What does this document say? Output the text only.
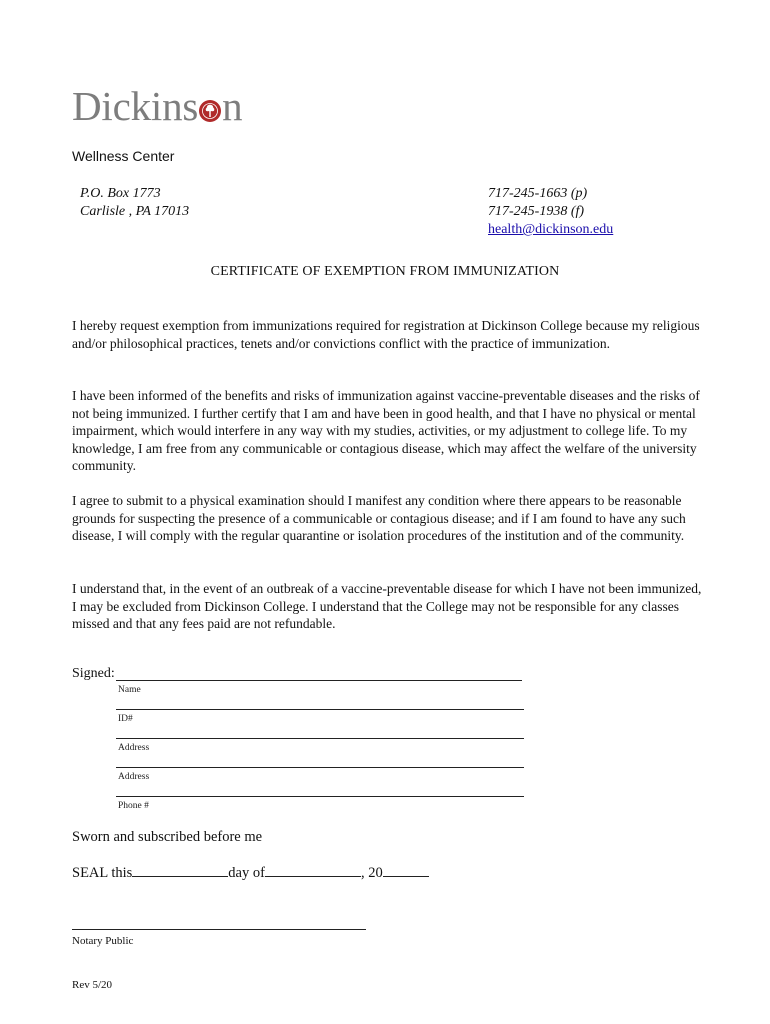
Dickins n
Wellness Center
P.O. Box 1773
Carlisle , PA 17013
717-245-1663 (p)
717-245-1938 (f)
health@dickinson.edu
CERTIFICATE OF EXEMPTION FROM IMMUNIZATION

I hereby request exemption from immunizations required for registration at Dickinson College because my religious and/or philosophical practices, tenets and/or convictions conflict with the practice of immunization.

I have been informed of the benefits and risks of immunization against vaccine-preventable diseases and the risks of not being immunized. I further certify that I am and have been in good health, and that I have no physical or mental impairment, which would interfere in any way with my studies, activities, or my adjustment to college life. To my knowledge, I am free from any communicable or contagious disease, which may affect the welfare of the university community.

I agree to submit to a physical examination should I manifest any condition where there appears to be reasonable grounds for suspecting the presence of a communicable or contagious disease; and if I am found to have any such disease, I will comply with the regular quarantine or isolation procedures of the institution and of the community.

I understand that, in the event of an outbreak of a vaccine-preventable disease for which I have not been immunized, I may be excluded from Dickinson College. I understand that the College may not be responsible for any classes missed and that any fees paid are not refundable.

Signed:
Name
ID#
Address
Address
Phone #
Sworn and subscribed before me
SEAL this	day of	, 20
Notary Public
Rev 5/20
